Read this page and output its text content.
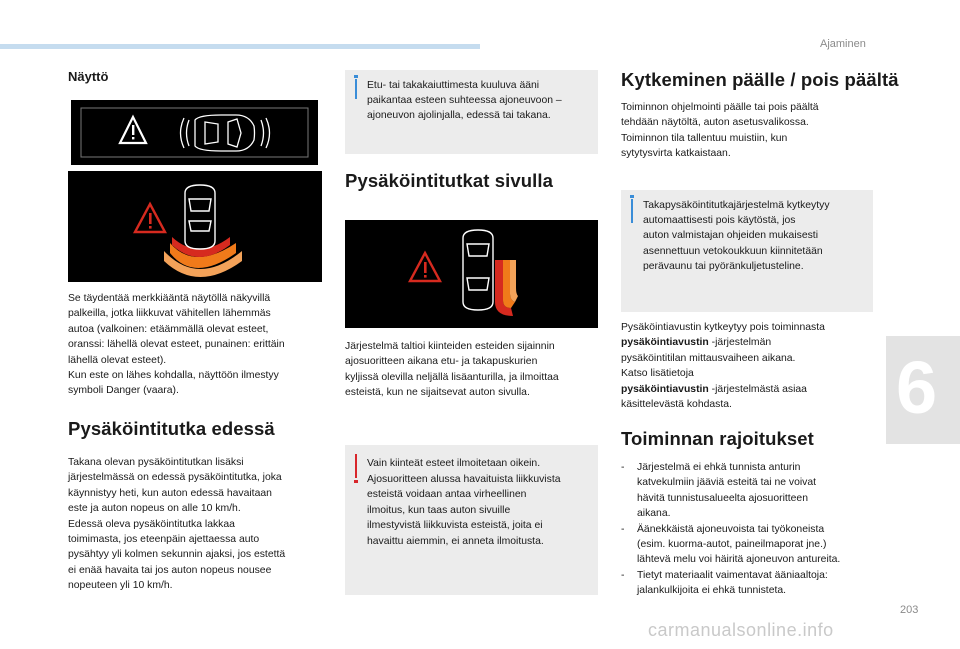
Ajaminen
6
203
carmanualsonline.info
Näyttö
Se täydentää merkkiääntä näytöllä näkyvillä
palkeilla, jotka liikkuvat vähitellen lähemmäs
autoa (valkoinen: etäämmällä olevat esteet,
oranssi: lähellä olevat esteet, punainen: erittäin
lähellä olevat esteet).
Kun este on lähes kohdalla, näyttöön ilmestyy
symboli Danger (vaara).
Pysäköintitutka edessä
Takana olevan pysäköintitutkan lisäksi
järjestelmässä on edessä pysäköintitutka, joka
käynnistyy heti, kun auton edessä havaitaan
este ja auton nopeus on alle 10 km/h.
Edessä oleva pysäköintitutka lakkaa
toimimasta, jos eteenpäin ajettaessa auto
pysähtyy yli kolmen sekunnin ajaksi, jos estettä
ei enää havaita tai jos auton nopeus nousee
nopeuteen yli 10 km/h.
Etu- tai takakaiuttimesta kuuluva ääni
paikantaa esteen suhteessa ajoneuvoon –
ajoneuvon ajolinjalla, edessä tai takana.
Pysäköintitutkat sivulla
Järjestelmä taltioi kiinteiden esteiden sijainnin
ajosuoritteen aikana etu- ja takapuskurien
kyljissä olevilla neljällä lisäanturilla, ja ilmoittaa
esteistä, kun ne sijaitsevat auton sivulla.
Vain kiinteät esteet ilmoitetaan oikein.
Ajosuoritteen alussa havaituista liikkuvista
esteistä voidaan antaa virheellinen
ilmoitus, kun taas auton sivuille
ilmestyvistä liikkuvista esteistä, joita ei
havaittu aiemmin, ei anneta ilmoitusta.
Kytkeminen päälle / pois päältä
Toiminnon ohjelmointi päälle tai pois päältä
tehdään näytöltä, auton asetusvalikossa.
Toiminnon tila tallentuu muistiin, kun
sytytysvirta katkaistaan.
Takapysäköintitutkajärjestelmä kytkeytyy
automaattisesti pois käytöstä, jos
auton valmistajan ohjeiden mukaisesti
asennettuun vetokoukkuun kiinnitetään
perävaunu tai pyöränkuljetusteline.
Pysäköintiavustin kytkeytyy pois toiminnasta
pysäköintiavustin -järjestelmän
pysäköintitilan mittausvaiheen aikana.
Katso lisätietoja
pysäköintiavustin -järjestelmästä asiaa
käsittelevästä kohdasta.
Toiminnan rajoitukset
-	Järjestelmä ei ehkä tunnista anturin
katvekulmiin jääviä esteitä tai ne voivat
hävitä tunnistusalueelta ajosuoritteen
aikana.
-	Äänekkäistä ajoneuvoista tai työkoneista
(esim. kuorma-autot, paineilmaporat jne.)
lähtevä melu voi häiritä ajoneuvon antureita.
-	Tietyt materiaalit vaimentavat ääniaaltoja:
jalankulkijoita ei ehkä tunnisteta.
